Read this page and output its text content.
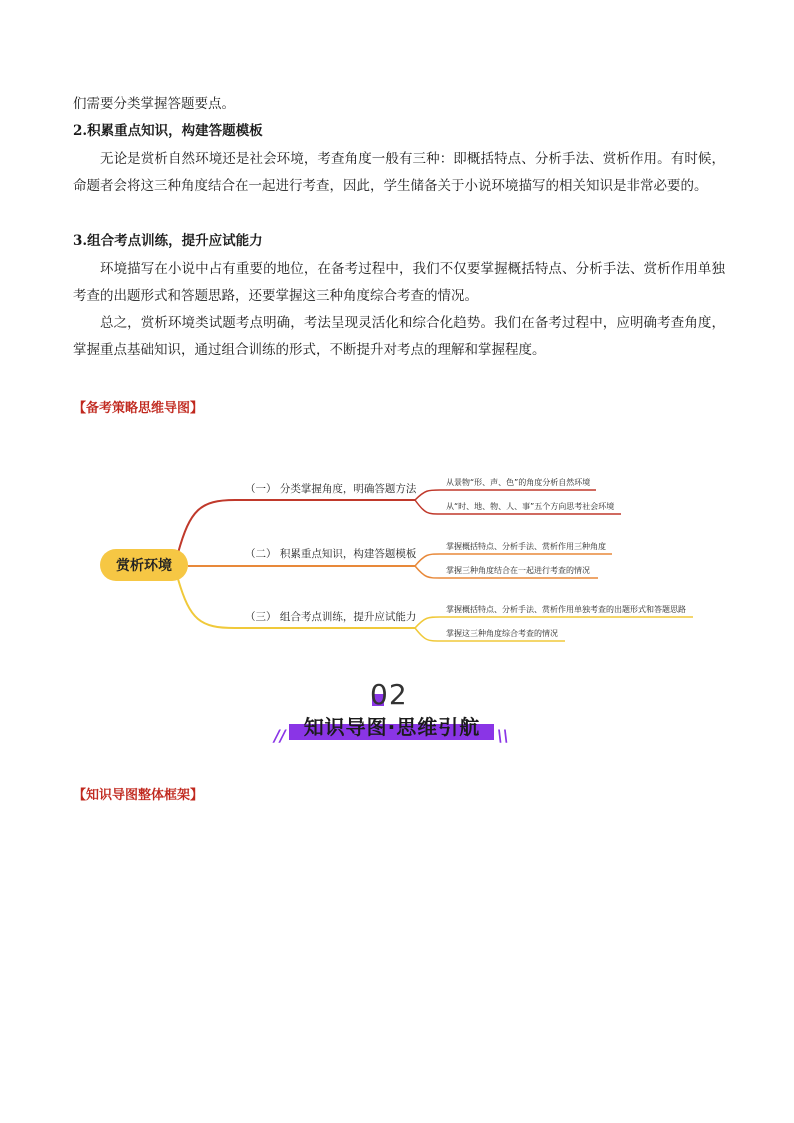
们需要分类掌握答题要点。
2.积累重点知识，构建答题模板
无论是赏析自然环境还是社会环境，考查角度一般有三种：即概括特点、分析手法、赏析作用。有时候，命题者会将这三种角度结合在一起进行考查，因此，学生储备关于小说环境描写的相关知识是非常必要的。
3.组合考点训练，提升应试能力
环境描写在小说中占有重要的地位，在备考过程中，我们不仅要掌握概括特点、分析手法、赏析作用单独考查的出题形式和答题思路，还要掌握这三种角度综合考查的情况。
总之，赏析环境类试题考点明确，考法呈现灵活化和综合化趋势。我们在备考过程中，应明确考查角度，掌握重点基础知识，通过组合训练的形式，不断提升对考点的理解和掌握程度。
【备考策略思维导图】
赏析环境
（一） 分类掌握角度，明确答题方法
（二） 积累重点知识，构建答题模板
（三） 组合考点训练，提升应试能力
从景物“形、声、色”的角度分析自然环境
从“时、地、物、人、事”五个方向思考社会环境
掌握概括特点、分析手法、赏析作用三种角度
掌握三种角度结合在一起进行考查的情况
掌握概括特点、分析手法、赏析作用单独考查的出题形式和答题思路
掌握这三种角度综合考查的情况
02
// 知识导图·思维引航	\\
【知识导图整体框架】
